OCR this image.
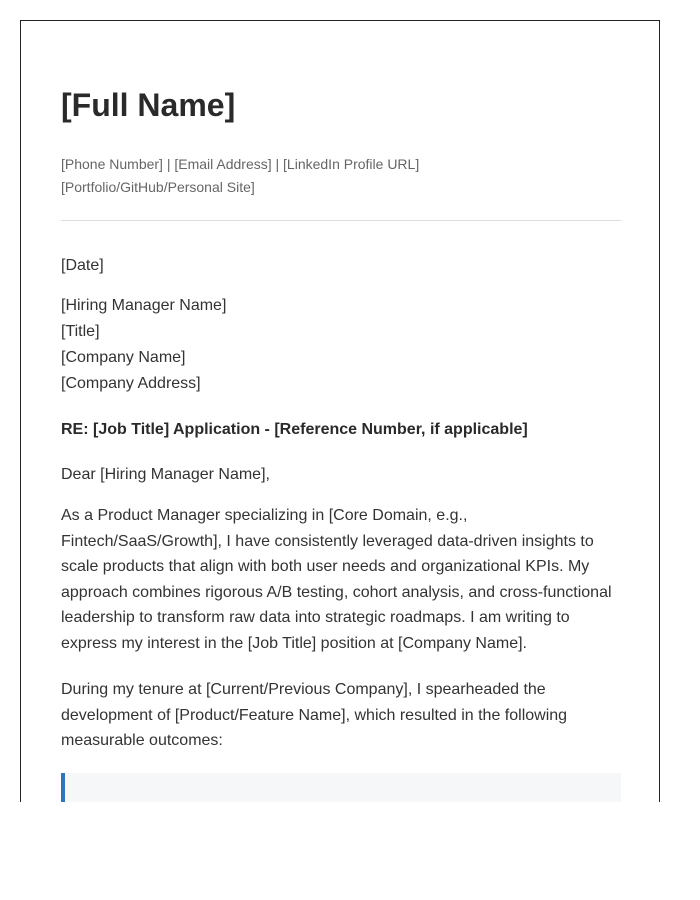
[Full Name]
[Phone Number] | [Email Address] | [LinkedIn Profile URL]
[Portfolio/GitHub/Personal Site]
[Date]
[Hiring Manager Name]
[Title]
[Company Name]
[Company Address]
RE: [Job Title] Application - [Reference Number, if applicable]
Dear [Hiring Manager Name],
As a Product Manager specializing in [Core Domain, e.g.,
Fintech/SaaS/Growth], I have consistently leveraged data-driven insights to
scale products that align with both user needs and organizational KPIs. My
approach combines rigorous A/B testing, cohort analysis, and cross-functional
leadership to transform raw data into strategic roadmaps. I am writing to
express my interest in the [Job Title] position at [Company Name].
During my tenure at [Current/Previous Company], I spearheaded the
development of [Product/Feature Name], which resulted in the following
measurable outcomes:
